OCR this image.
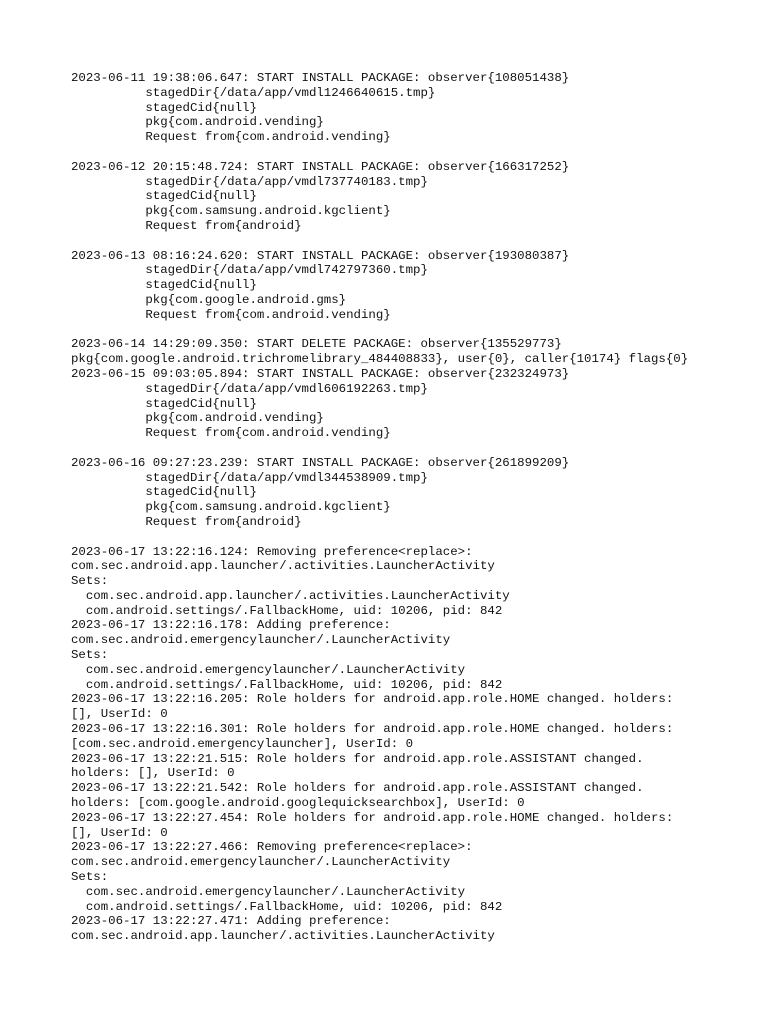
2023-06-11 19:38:06.647: START INSTALL PACKAGE: observer{108051438}
stagedDir{/data/app/vmdl1246640615.tmp}
stagedCid{null}
pkg{com.android.vending}
Request from{com.android.vending}
2023-06-12 20:15:48.724: START INSTALL PACKAGE: observer{166317252}
stagedDir{/data/app/vmdl737740183.tmp}
stagedCid{null}
pkg{com.samsung.android.kgclient}
Request from{android}
2023-06-13 08:16:24.620: START INSTALL PACKAGE: observer{193080387}
stagedDir{/data/app/vmdl742797360.tmp}
stagedCid{null}
pkg{com.google.android.gms}
Request from{com.android.vending}
2023-06-14 14:29:09.350: START DELETE PACKAGE: observer{135529773}
pkg{com.google.android.trichromelibrary_484408833}, user{0}, caller{10174} flags{0}
2023-06-15 09:03:05.894: START INSTALL PACKAGE: observer{232324973}
stagedDir{/data/app/vmdl606192263.tmp}
stagedCid{null}
pkg{com.android.vending}
Request from{com.android.vending}
2023-06-16 09:27:23.239: START INSTALL PACKAGE: observer{261899209}
stagedDir{/data/app/vmdl344538909.tmp}
stagedCid{null}
pkg{com.samsung.android.kgclient}
Request from{android}
2023-06-17 13:22:16.124: Removing preference<replace>:
com.sec.android.app.launcher/.activities.LauncherActivity
Sets:
com.sec.android.app.launcher/.activities.LauncherActivity
com.android.settings/.FallbackHome, uid: 10206, pid: 842
2023-06-17 13:22:16.178: Adding preference:
com.sec.android.emergencylauncher/.LauncherActivity
Sets:
com.sec.android.emergencylauncher/.LauncherActivity
com.android.settings/.FallbackHome, uid: 10206, pid: 842
2023-06-17 13:22:16.205: Role holders for android.app.role.HOME changed. holders:
[], UserId: 0
2023-06-17 13:22:16.301: Role holders for android.app.role.HOME changed. holders:
[com.sec.android.emergencylauncher], UserId: 0
2023-06-17 13:22:21.515: Role holders for android.app.role.ASSISTANT changed.
holders: [], UserId: 0
2023-06-17 13:22:21.542: Role holders for android.app.role.ASSISTANT changed.
holders: [com.google.android.googlequicksearchbox], UserId: 0
2023-06-17 13:22:27.454: Role holders for android.app.role.HOME changed. holders:
[], UserId: 0
2023-06-17 13:22:27.466: Removing preference<replace>:
com.sec.android.emergencylauncher/.LauncherActivity
Sets:
com.sec.android.emergencylauncher/.LauncherActivity
com.android.settings/.FallbackHome, uid: 10206, pid: 842
2023-06-17 13:22:27.471: Adding preference:
com.sec.android.app.launcher/.activities.LauncherActivity
